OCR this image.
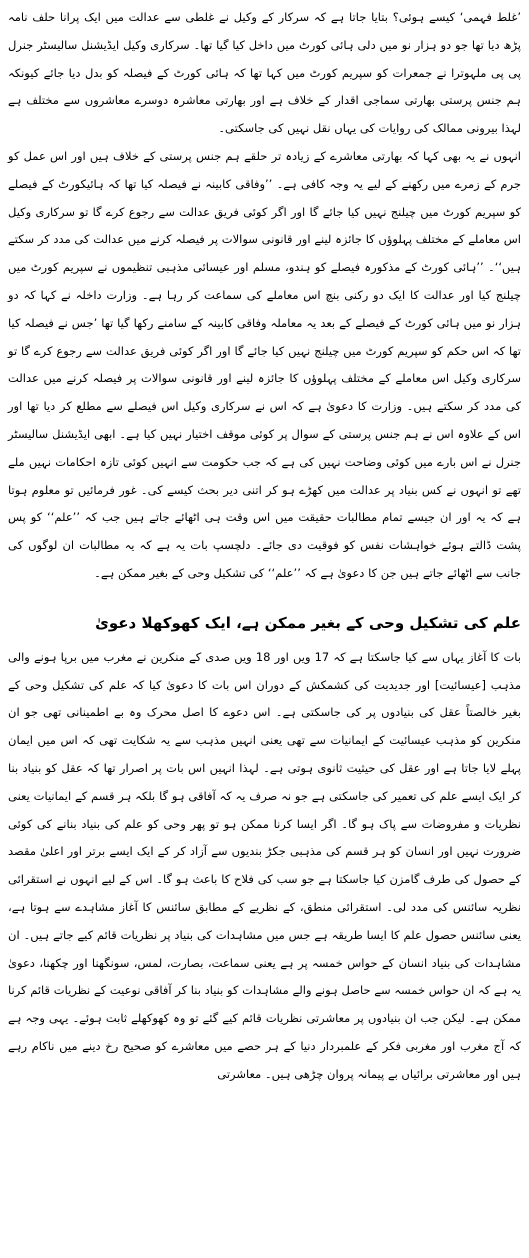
’غلط فہمی‘ کیسے ہوئی؟ بتایا جاتا ہے کہ سرکار کے وکیل نے غلطی سے عدالت میں ایک پرانا حلف نامہ پڑھ دیا تھا جو دو ہزار نو میں دلی ہائی کورٹ میں داخل کیا گیا تھا۔ سرکاری وکیل ایڈیشنل سالیسٹر جنرل پی پی ملہوترا نے جمعرات کو سپریم کورٹ میں کہا تھا کہ ہائی کورٹ کے فیصلہ کو بدل دیا جائے کیونکہ ہم جنس پرستی بھارتی سماجی اقدار کے خلاف ہے اور بھارتی معاشرہ دوسرے معاشروں سے مختلف ہے لہذا بیرونی ممالک کی روایات کی یہاں نقل نہیں کی جاسکتی۔

انہوں نے یہ بھی کہا کہ بھارتی معاشرے کے زیادہ تر حلقے ہم جنس پرستی کے خلاف ہیں اور اس عمل کو جرم کے زمرے میں رکھنے کے لیے یہ وجہ کافی ہے۔ ’’وفاقی کابینہ نے فیصلہ کیا تھا کہ ہائیکورٹ کے فیصلے کو سپریم کورٹ میں چیلنج نہیں کیا جائے گا اور اگر کوئی فریق عدالت سے رجوع کرے گا تو سرکاری وکیل اس معاملے کے مختلف پہلوؤں کا جائزہ لینے اور قانونی سوالات پر فیصلہ کرنے میں عدالت کی مدد کر سکتے ہیں‘‘۔ ’’ہائی کورٹ کے مذکورہ فیصلے کو ہندو، مسلم اور عیسائی مذہبی تنظیموں نے سپریم کورٹ میں چیلنج کیا اور عدالت کا ایک دو رکنی بنچ اس معاملے کی سماعت کر رہا ہے۔ وزارت داخلہ نے کہا کہ دو ہزار نو میں ہائی کورٹ کے فیصلے کے بعد یہ معاملہ وفاقی کابینہ کے سامنے رکھا گیا تھا ’جس نے فیصلہ کیا تھا کہ اس حکم کو سپریم کورٹ میں چیلنج نہیں کیا جائے گا اور اگر کوئی فریق عدالت سے رجوع کرے گا تو سرکاری وکیل اس معاملے کے مختلف پہلوؤں کا جائزہ لینے اور قانونی سوالات پر فیصلہ کرنے میں عدالت کی مدد کر سکتے ہیں۔ وزارت کا دعویٰ ہے کہ اس نے سرکاری وکیل اس فیصلے سے مطلع کر دیا تھا اور اس کے علاوہ اس نے ہم جنس پرستی کے سوال پر کوئی موقف اختیار نہیں کیا ہے۔ ابھی ایڈیشنل سالیسٹر جنرل نے اس بارے میں کوئی وضاحت نہیں کی ہے کہ جب حکومت سے انہیں کوئی تازہ احکامات نہیں ملے تھے تو انہوں نے کس بنیاد پر عدالت میں کھڑے ہو کر اتنی دیر بحث کیسے کی۔ غور فرمائیں تو معلوم ہوتا ہے کہ یہ اور ان جیسے تمام مطالبات حقیقت میں اس وقت ہی اٹھائے جاتے ہیں جب کہ ’’علم‘‘ کو پس پشت ڈالتے ہوئے خواہشات نفس کو فوقیت دی جائے۔ دلچسپ بات یہ ہے کہ یہ مطالبات ان لوگوں کی جانب سے اٹھائے جاتے ہیں جن کا دعویٰ ہے کہ ’’علم‘‘ کی تشکیل وحی کے بغیر ممکن ہے۔

علم کی تشکیل وحی کے بغیر ممکن ہے، ایک کھوکھلا دعویٰ

بات کا آغاز یہاں سے کیا جاسکتا ہے کہ 17 ویں اور 18 ویں صدی کے منکرین نے مغرب میں برپا ہونے والی مذہب [عیسائیت] اور جدیدیت کی کشمکش کے دوران اس بات کا دعویٰ کیا کہ علم کی تشکیل وحی کے بغیر خالصتاً عقل کی بنیادوں پر کی جاسکتی ہے۔ اس دعوے کا اصل محرک وہ بے اطمینانی تھی جو ان منکرین کو مذہب عیسائیت کے ایمانیات سے تھی یعنی انہیں مذہب سے یہ شکایت تھی کہ اس میں ایمان پہلے لایا جاتا ہے اور عقل کی حیثیت ثانوی ہوتی ہے۔ لہذا انہیں اس بات پر اصرار تھا کہ عقل کو بنیاد بنا کر ایک ایسے علم کی تعمیر کی جاسکتی ہے جو نہ صرف یہ کہ آفاقی ہو گا بلکہ ہر قسم کے ایمانیات یعنی نظریات و مفروضات سے پاک ہو گا۔ اگر ایسا کرنا ممکن ہو تو پھر وحی کو علم کی بنیاد بنانے کی کوئی ضرورت نہیں اور انسان کو ہر قسم کی مذہبی جکڑ بندیوں سے آزاد کر کے ایک ایسے برتر اور اعلیٰ مقصد کے حصول کی طرف گامزن کیا جاسکتا ہے جو سب کی فلاح کا باعث ہو گا۔ اس کے لیے انہوں نے استقرائی نظریہ سائنس کی مدد لی۔ استقرائی منطق، کے نظریے کے مطابق سائنس کا آغاز مشاہدے سے ہوتا ہے، یعنی سائنس حصول علم کا ایسا طریقہ ہے جس میں مشاہدات کی بنیاد پر نظریات قائم کیے جاتے ہیں۔ ان مشاہدات کی بنیاد انسان کے حواس خمسہ پر ہے یعنی سماعت، بصارت، لمس، سونگھنا اور چکھنا، دعویٰ یہ ہے کہ ان حواس خمسہ سے حاصل ہونے والے مشاہدات کو بنیاد بنا کر آفاقی نوعیت کے نظریات قائم کرنا ممکن ہے۔ لیکن جب ان بنیادوں پر معاشرتی نظریات قائم کیے گئے تو وہ کھوکھلے ثابت ہوئے۔ یہی وجہ ہے کہ آج مغرب اور مغربی فکر کے علمبردار دنیا کے ہر حصے میں معاشرے کو صحیح رخ دینے میں ناکام رہے ہیں اور معاشرتی برائیاں بے پیمانہ پروان چڑھی ہیں۔ معاشرتی
